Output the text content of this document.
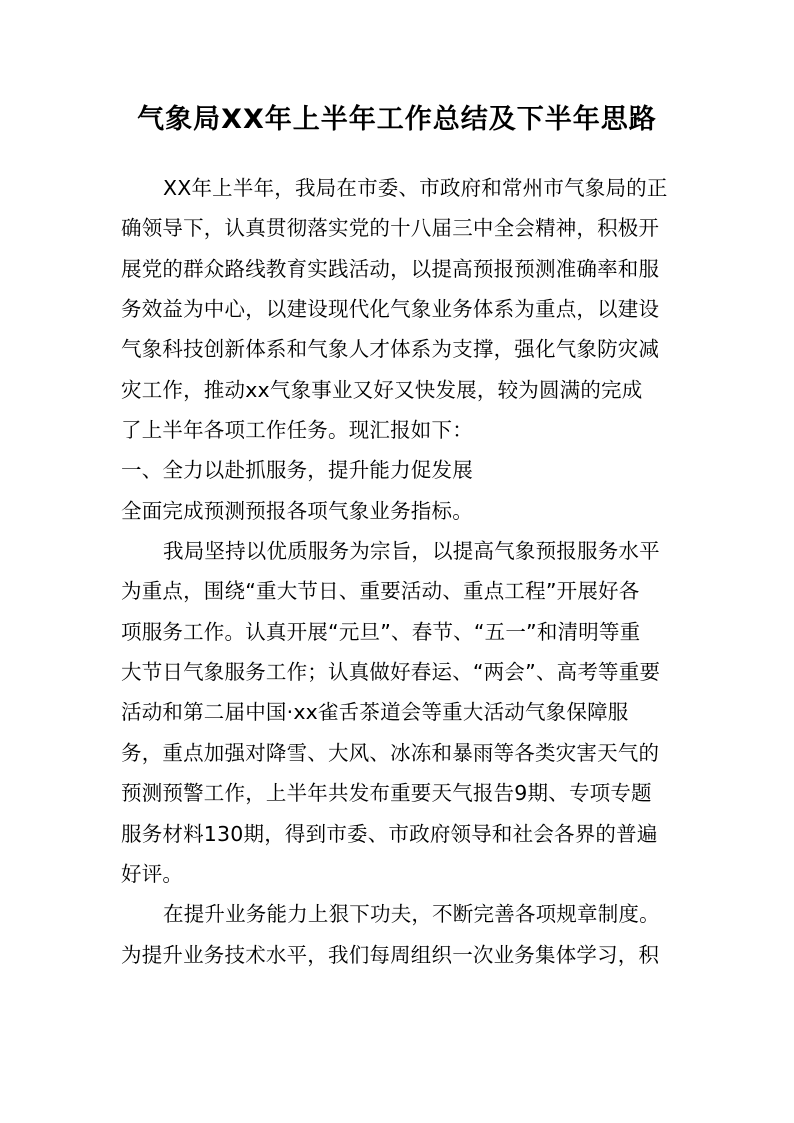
气象局XX年上半年工作总结及下半年思路
XX年上半年，我局在市委、市政府和常州市气象局的正
确领导下，认真贯彻落实党的十八届三中全会精神，积极开
展党的群众路线教育实践活动，以提高预报预测准确率和服
务效益为中心，以建设现代化气象业务体系为重点，以建设
气象科技创新体系和气象人才体系为支撑，强化气象防灾减
灾工作，推动xx气象事业又好又快发展，较为圆满的完成
了上半年各项工作任务。现汇报如下：
一、全力以赴抓服务，提升能力促发展
全面完成预测预报各项气象业务指标。
我局坚持以优质服务为宗旨，以提高气象预报服务水平
为重点，围绕“重大节日、重要活动、重点工程”开展好各
项服务工作。认真开展“元旦”、春节、“五一”和清明等重
大节日气象服务工作；认真做好春运、“两会”、高考等重要
活动和第二届中国·xx雀舌茶道会等重大活动气象保障服
务，重点加强对降雪、大风、冰冻和暴雨等各类灾害天气的
预测预警工作，上半年共发布重要天气报告9期、专项专题
服务材料130期，得到市委、市政府领导和社会各界的普遍
好评。
在提升业务能力上狠下功夫，不断完善各项规章制度。
为提升业务技术水平，我们每周组织一次业务集体学习，积
